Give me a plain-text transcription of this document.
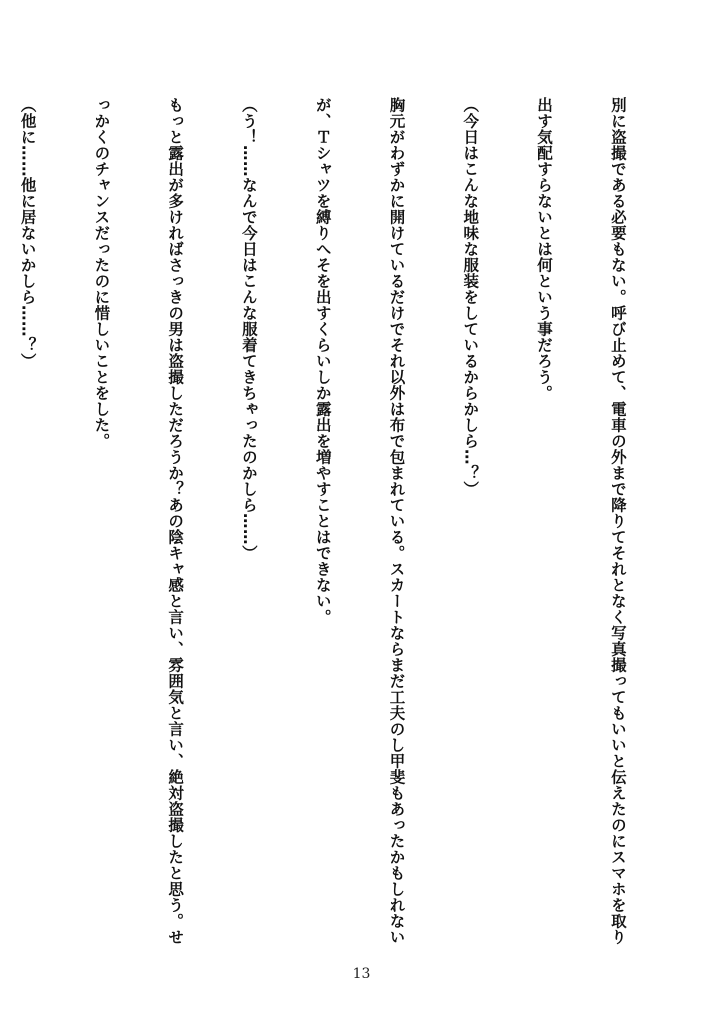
別に盗撮である必要もない。呼び止めて、電車の外まで降りてそれとなく写真撮ってもいいと伝えたのにスマホを取り

出す気配すらないとは何という事だろう。

（今日はこんな地味な服装をしているからかしら…？）

胸元がわずかに開けているだけでそれ以外は布で包まれている。スカートならまだ工夫のし甲斐もあったかもしれない

が、Ｔシャツを縛りへそを出すくらいしか露出を増やすことはできない。

（う！……なんで今日はこんな服着てきちゃったのかしら……）

もっと露出が多ければさっきの男は盗撮しただろうか？あの陰キャ感と言い、雰囲気と言い、絶対盗撮したと思う。せ

っかくのチャンスだったのに惜しいことをした。

（他に……他に居ないかしら……？）

13
